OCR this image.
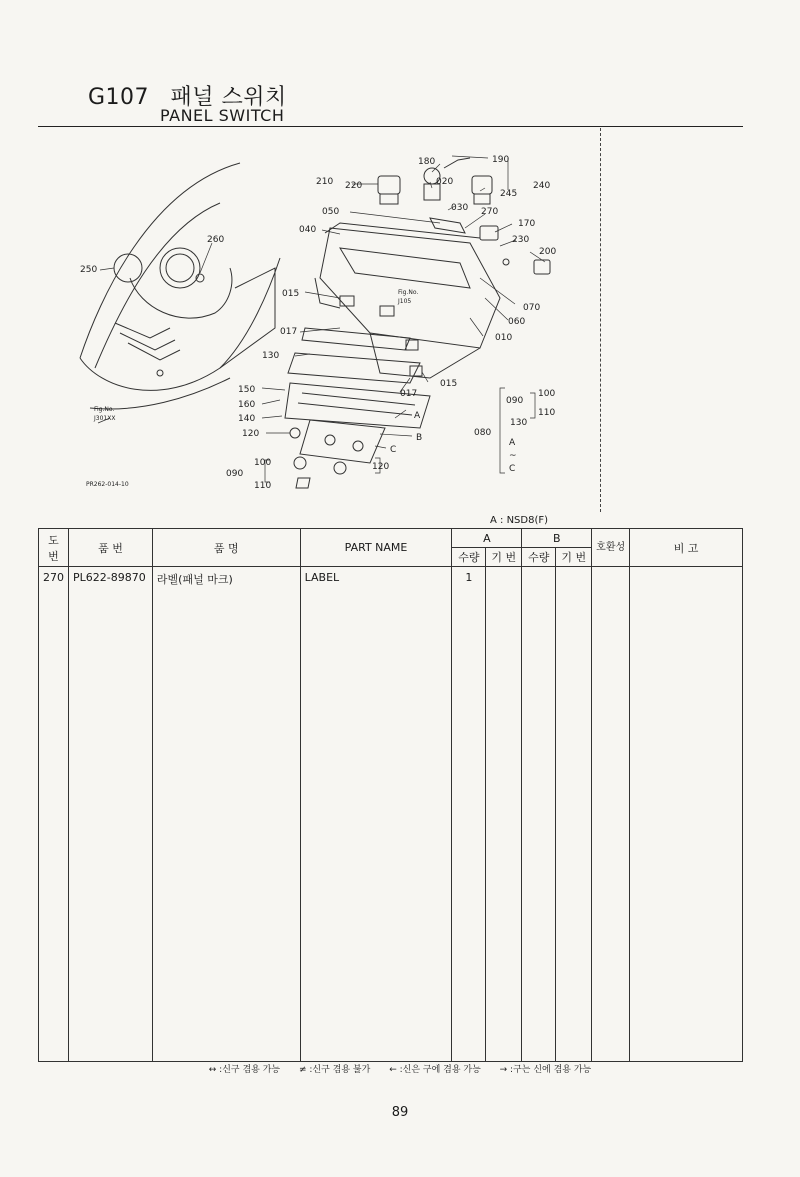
G107 패널 스위치
PANEL SWITCH
180	190
210 220	020
245
240
030
050	270
170
040
230
260
200
250
015
070
060
017
010
130
015
017
150
160
140
120
100
110
090
080
130
120
100
090
110
A
B
C
A
~
C
Fig.No.
J301XX
Fig.No.
J105
PR262-014-10
A : NSD8(F)
도번	품 번	품 명	PART NAME	A		B		호환성	비 고
				수량	기 번	수량	기 번		
270	PL622-89870	라벨(패널 마크)	LABEL	1					

↔ :신구 겸용 가능 ≠ :신구 겸용 불가 ← :신은 구에 겸용 가능 → :구는 신에 겸용 가능
89
